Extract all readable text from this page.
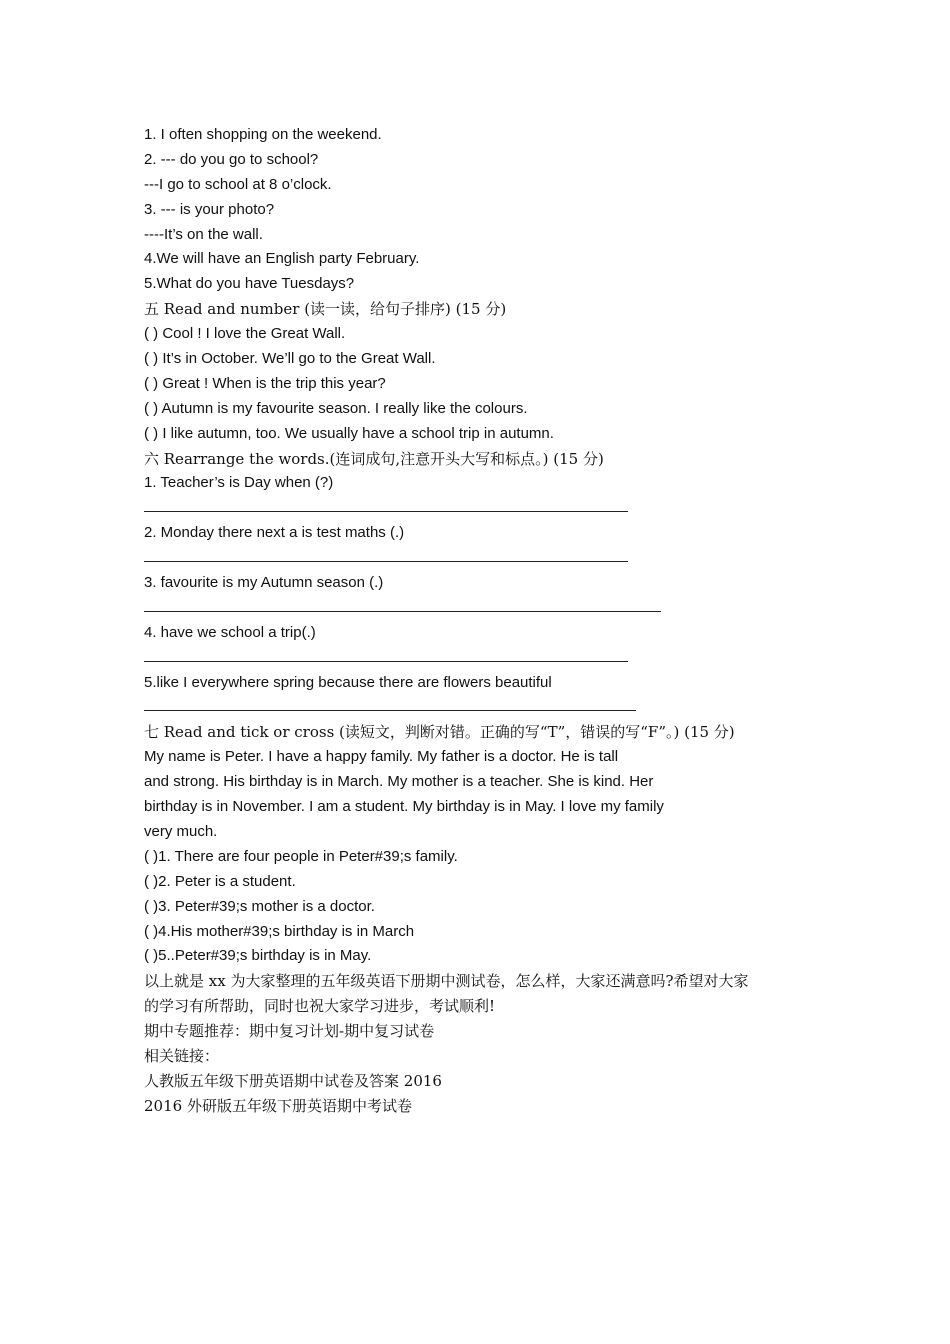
1. I often shopping on the weekend.
2. --- do you go to school?
---I go to school at 8 o’clock.
3. --- is your photo?
----It’s on the wall.
4.We will have an English party February.
5.What do you have Tuesdays?
五 Read and number (读一读，给句子排序) (15 分)
( ) Cool ! I love the Great Wall.
( ) It’s in October. We’ll go to the Great Wall.
( ) Great ! When is the trip this year?
( ) Autumn is my favourite season. I really like the colours.
( ) I like autumn, too. We usually have a school trip in autumn.
六 Rearrange the words.(连词成句,注意开头大写和标点。) (15 分)
1. Teacher’s is Day when (?)
2. Monday there next a is test maths (.)
3. favourite is my Autumn season (.)
4. have we school a trip(.)
5.like I everywhere spring because there are flowers beautiful
七 Read and tick or cross (读短文，判断对错。正确的写“T”，错误的写“F”。) (15 分)
My name is Peter. I have a happy family. My father is a doctor. He is tall
and strong. His birthday is in March. My mother is a teacher. She is kind. Her
birthday is in November. I am a student. My birthday is in May. I love my family
very much.
( )1. There are four people in Peter#39;s family.
( )2. Peter is a student.
( )3. Peter#39;s mother is a doctor.
( )4.His mother#39;s birthday is in March
( )5..Peter#39;s birthday is in May.
以上就是 xx 为大家整理的五年级英语下册期中测试卷，怎么样，大家还满意吗?希望对大家
的学习有所帮助，同时也祝大家学习进步，考试顺利!
期中专题推荐：期中复习计划-期中复习试卷
相关链接：
人教版五年级下册英语期中试卷及答案 2016
2016 外研版五年级下册英语期中考试卷
